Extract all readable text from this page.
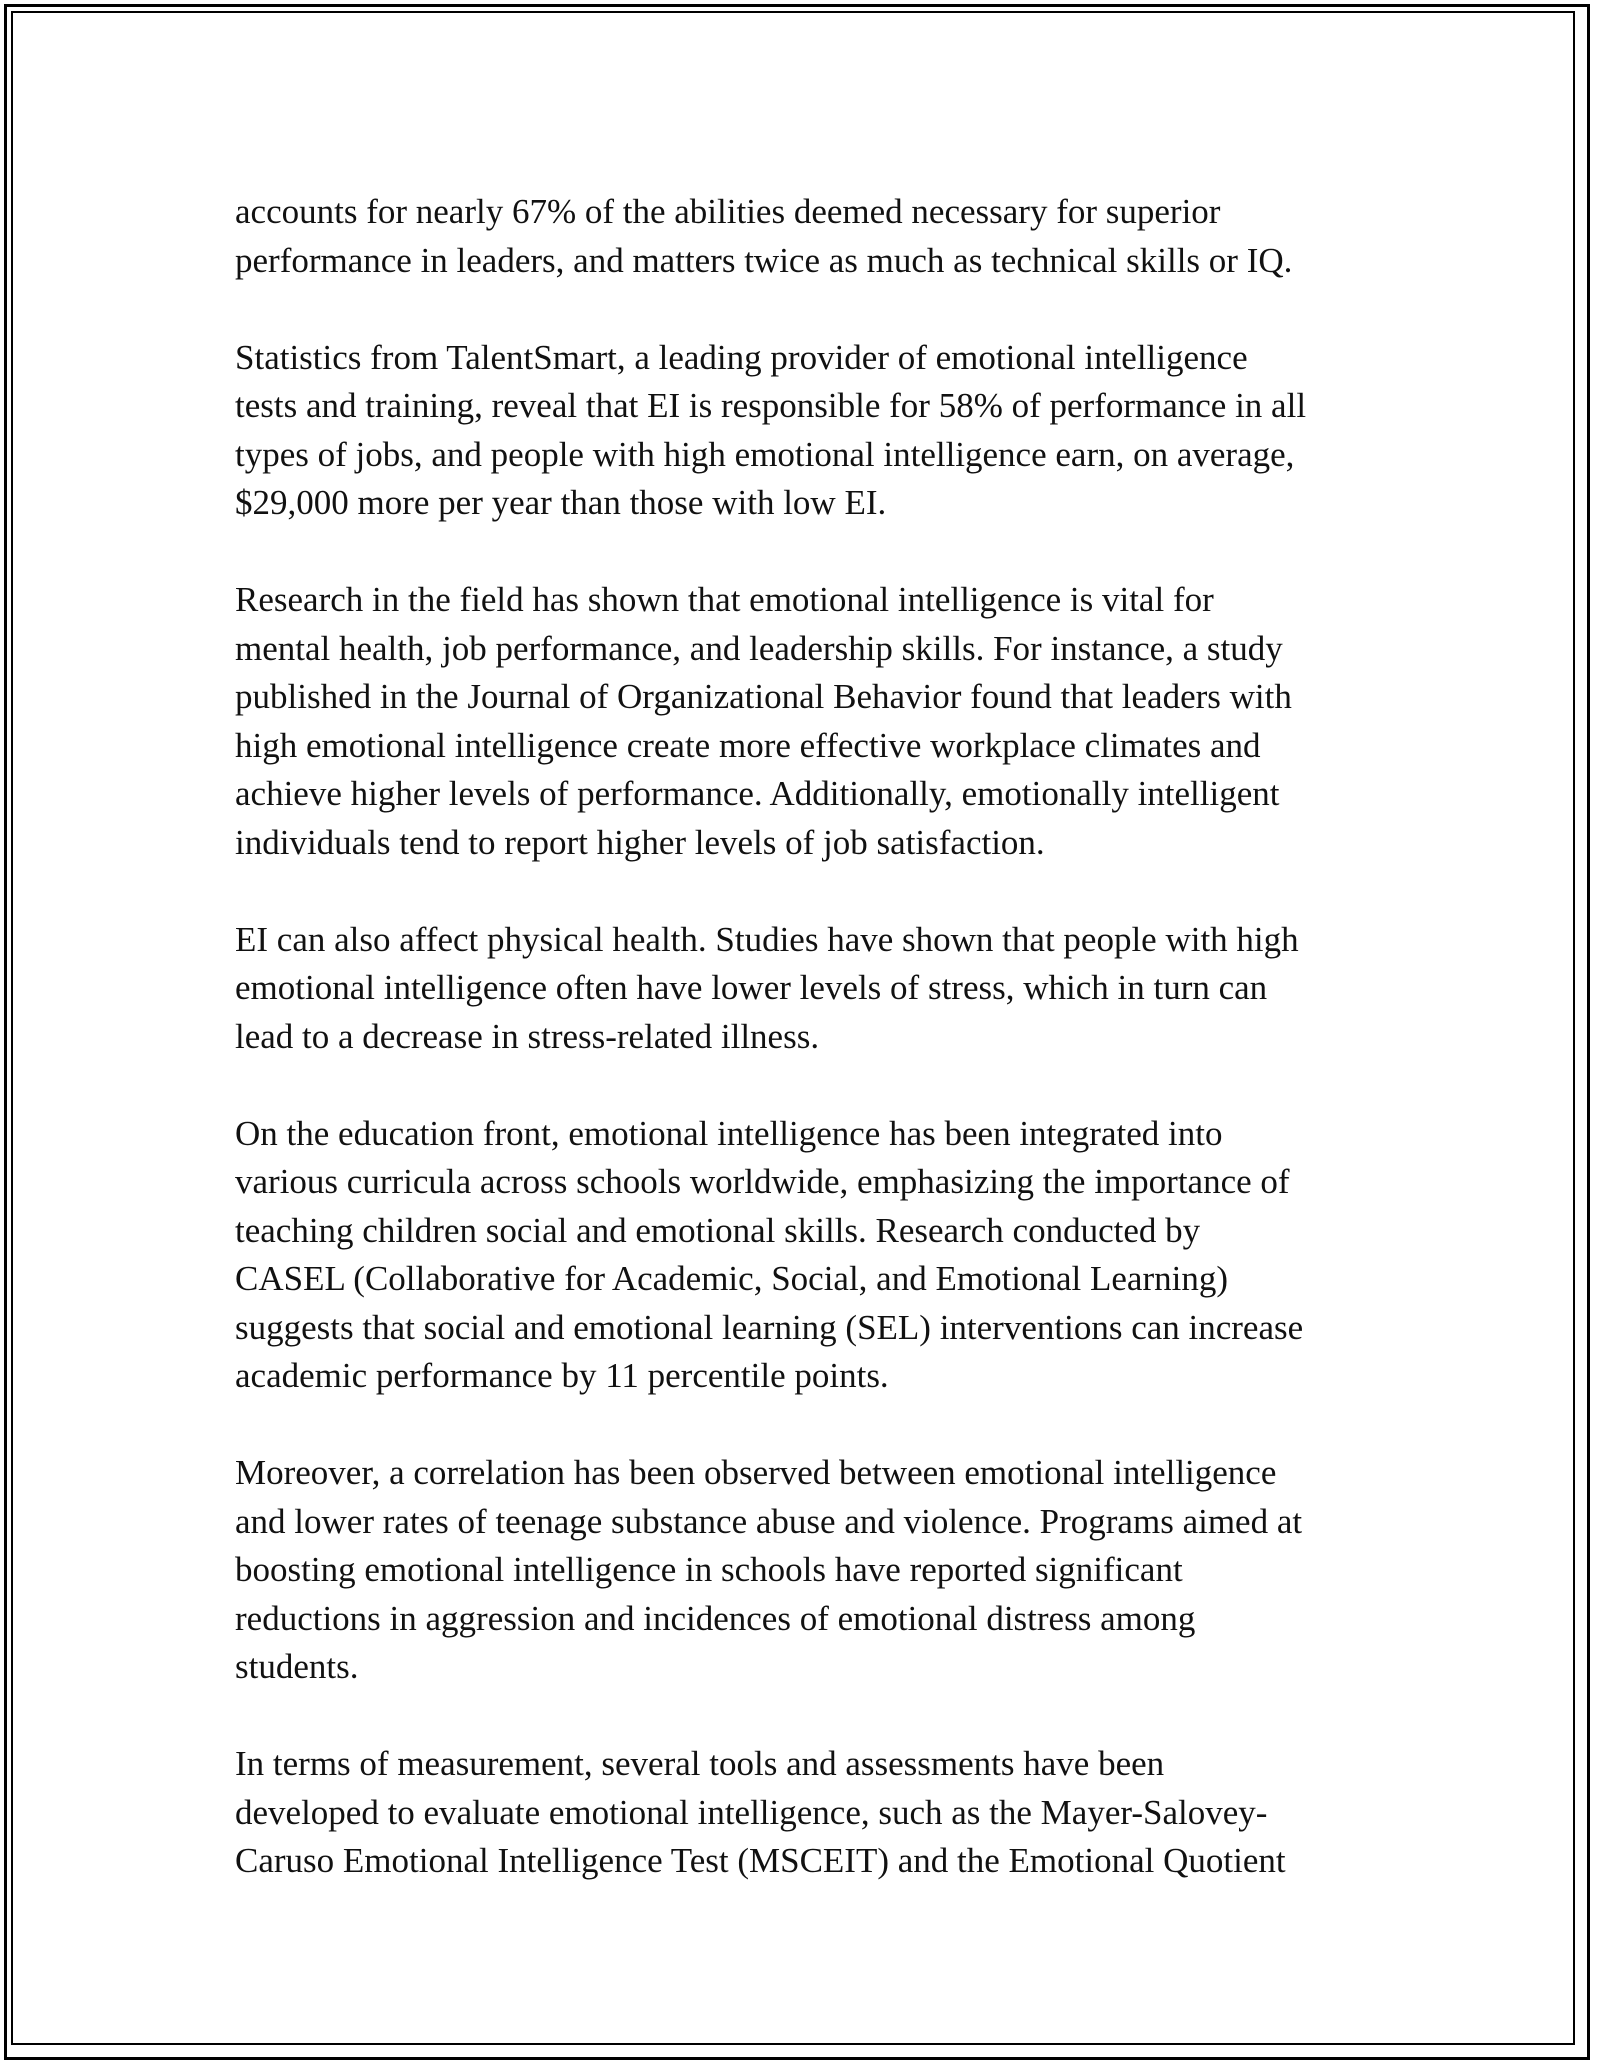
accounts for nearly 67% of the abilities deemed necessary for superior
performance in leaders, and matters twice as much as technical skills or IQ.

Statistics from TalentSmart, a leading provider of emotional intelligence
tests and training, reveal that EI is responsible for 58% of performance in all
types of jobs, and people with high emotional intelligence earn, on average,
$29,000 more per year than those with low EI.

Research in the field has shown that emotional intelligence is vital for
mental health, job performance, and leadership skills. For instance, a study
published in the Journal of Organizational Behavior found that leaders with
high emotional intelligence create more effective workplace climates and
achieve higher levels of performance. Additionally, emotionally intelligent
individuals tend to report higher levels of job satisfaction.

EI can also affect physical health. Studies have shown that people with high
emotional intelligence often have lower levels of stress, which in turn can
lead to a decrease in stress-related illness.

On the education front, emotional intelligence has been integrated into
various curricula across schools worldwide, emphasizing the importance of
teaching children social and emotional skills. Research conducted by
CASEL (Collaborative for Academic, Social, and Emotional Learning)
suggests that social and emotional learning (SEL) interventions can increase
academic performance by 11 percentile points.

Moreover, a correlation has been observed between emotional intelligence
and lower rates of teenage substance abuse and violence. Programs aimed at
boosting emotional intelligence in schools have reported significant
reductions in aggression and incidences of emotional distress among
students.

In terms of measurement, several tools and assessments have been
developed to evaluate emotional intelligence, such as the Mayer-Salovey-
Caruso Emotional Intelligence Test (MSCEIT) and the Emotional Quotient
